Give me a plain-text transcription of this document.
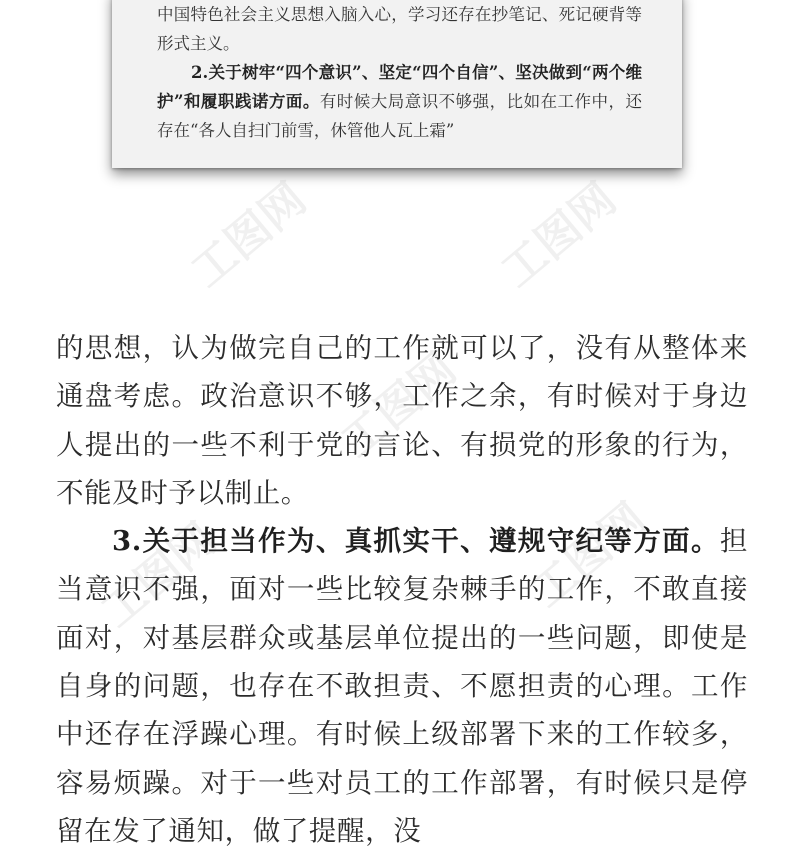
中国特色社会主义思想入脑入心，学习还存在抄笔记、死记硬背等形式主义。

2.关于树牢“四个意识”、坚定“四个自信”、坚决做到“两个维护”和履职践诺方面。有时候大局意识不够强，比如在工作中，还存在“各人自扫门前雪，休管他人瓦上霜”

工图网	工图网
工图网
工图网	工图网

的思想，认为做完自己的工作就可以了，没有从整体来通盘考虑。政治意识不够，工作之余，有时候对于身边人提出的一些不利于党的言论、有损党的形象的行为，不能及时予以制止。

3.关于担当作为、真抓实干、遵规守纪等方面。担当意识不强，面对一些比较复杂棘手的工作，不敢直接面对，对基层群众或基层单位提出的一些问题，即使是自身的问题，也存在不敢担责、不愿担责的心理。工作中还存在浮躁心理。有时候上级部署下来的工作较多，容易烦躁。对于一些对员工的工作部署，有时候只是停留在发了通知，做了提醒，没
